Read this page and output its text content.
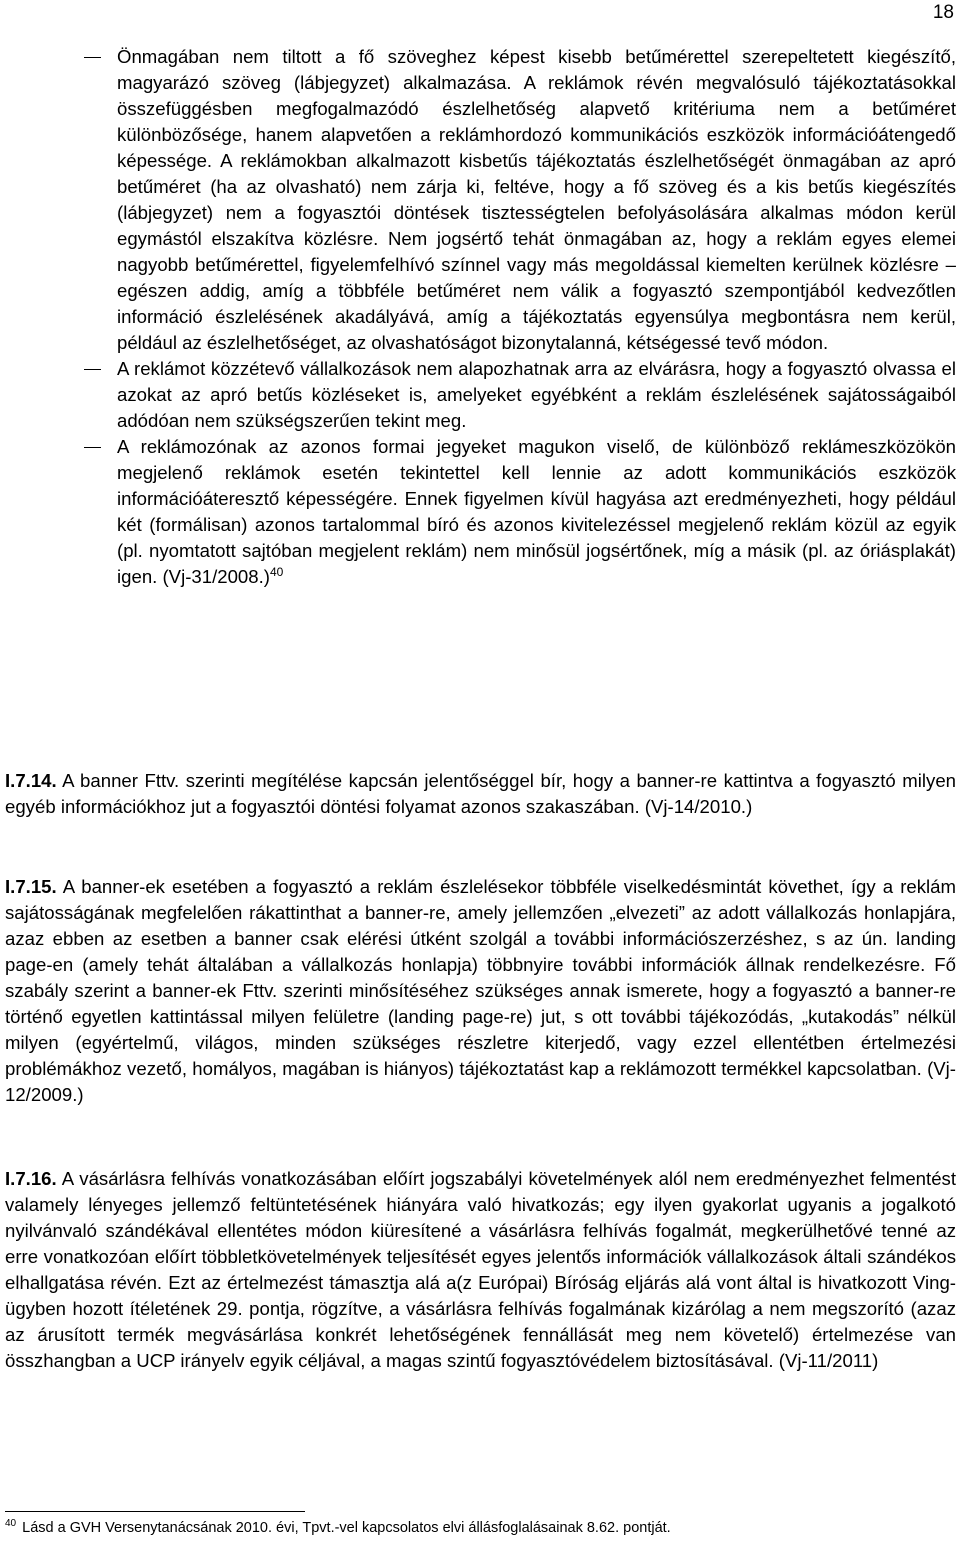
18
Önmagában nem tiltott a fő szöveghez képest kisebb betűmérettel szerepeltetett kiegészítő, magyarázó szöveg (lábjegyzet) alkalmazása. A reklámok révén megvalósuló tájékoztatásokkal összefüggésben megfogalmazódó észlelhetőség alapvető kritériuma nem a betűméret különbözősége, hanem alapvetően a reklámhordozó kommunikációs eszközök információátengedő képessége. A reklámokban alkalmazott kisbetűs tájékoztatás észlelhetőségét önmagában az apró betűméret (ha az olvasható) nem zárja ki, feltéve, hogy a fő szöveg és a kis betűs kiegészítés (lábjegyzet) nem a fogyasztói döntések tisztességtelen befolyásolására alkalmas módon kerül egymástól elszakítva közlésre. Nem jogsértő tehát önmagában az, hogy a reklám egyes elemei nagyobb betűmérettel, figyelemfelhívó színnel vagy más megoldással kiemelten kerülnek közlésre – egészen addig, amíg a többféle betűméret nem válik a fogyasztó szempontjából kedvezőtlen információ észlelésének akadályává, amíg a tájékoztatás egyensúlya megbontásra nem kerül, például az észlelhetőséget, az olvashatóságot bizonytalanná, kétségessé tevő módon.
A reklámot közzétevő vállalkozások nem alapozhatnak arra az elvárásra, hogy a fogyasztó olvassa el azokat az apró betűs közléseket is, amelyeket egyébként a reklám észlelésének sajátosságaiból adódóan nem szükségszerűen tekint meg.
A reklámozónak az azonos formai jegyeket magukon viselő, de különböző reklámeszközökön megjelenő reklámok esetén tekintettel kell lennie az adott kommunikációs eszközök információáteresztő képességére. Ennek figyelmen kívül hagyása azt eredményezheti, hogy például két (formálisan) azonos tartalommal bíró és azonos kivitelezéssel megjelenő reklám közül az egyik (pl. nyomtatott sajtóban megjelent reklám) nem minősül jogsértőnek, míg a másik (pl. az óriásplakát) igen. $(Vj-31/2008.)^{40}$
I.7.14. A banner Fttv. szerinti megítélése kapcsán jelentőséggel bír, hogy a banner-re kattintva a fogyasztó milyen egyéb információkhoz jut a fogyasztói döntési folyamat azonos szakaszában. (Vj-14/2010.)
I.7.15. A banner-ek esetében a fogyasztó a reklám észlelésekor többféle viselkedésmintát követhet, így a reklám sajátosságának megfelelően rákattinthat a banner-re, amely jellemzően „elvezeti” az adott vállalkozás honlapjára, azaz ebben az esetben a banner csak elérési útként szolgál a további információszerzéshez, s az ún. landing page-en (amely tehát általában a vállalkozás honlapja) többnyire további információk állnak rendelkezésre. Fő szabály szerint a banner-ek Fttv. szerinti minősítéséhez szükséges annak ismerete, hogy a fogyasztó a banner-re történő egyetlen kattintással milyen felületre (landing page-re) jut, s ott további tájékozódás, „kutakodás” nélkül milyen (egyértelmű, világos, minden szükséges részletre kiterjedő, vagy ezzel ellentétben értelmezési problémákhoz vezető, homályos, magában is hiányos) tájékoztatást kap a reklámozott termékkel kapcsolatban. (Vj-12/2009.)
I.7.16. A vásárlásra felhívás vonatkozásában előírt jogszabályi követelmények alól nem eredményezhet felmentést valamely lényeges jellemző feltüntetésének hiányára való hivatkozás; egy ilyen gyakorlat ugyanis a jogalkotó nyilvánvaló szándékával ellentétes módon kiüresítené a vásárlásra felhívás fogalmát, megkerülhetővé tenné az erre vonatkozóan előírt többletkövetelmények teljesítését egyes jelentős információk vállalkozások általi szándékos elhallgatása révén. Ezt az értelmezést támasztja alá a(z Európai) Bíróság eljárás alá vont által is hivatkozott Ving-ügyben hozott ítéletének 29. pontja, rögzítve, a vásárlásra felhívás fogalmának kizárólag a nem megszorító (azaz az árusított termék megvásárlása konkrét lehetőségének fennállását meg nem követelő) értelmezése van összhangban a UCP irányelv egyik céljával, a magas szintű fogyasztóvédelem biztosításával. (Vj-11/2011)
$^{40}$ Lásd a GVH Versenytanácsának 2010. évi, Tpvt.-vel kapcsolatos elvi állásfoglalásainak 8.62. pontját.
